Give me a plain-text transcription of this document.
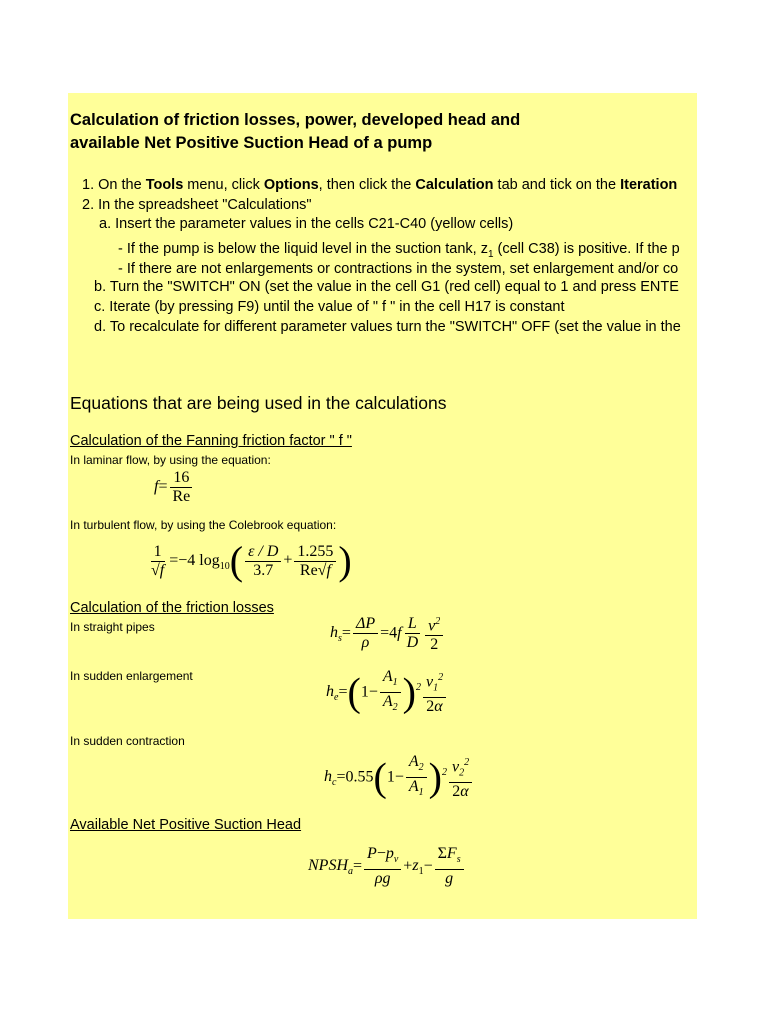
Calculation of friction losses, power, developed head and
available Net Positive Suction Head of a pump
1. On the Tools menu, click Options, then click the Calculation tab and tick on the Iteration
2. In the spreadsheet "Calculations"
a. Insert the parameter values in the cells C21-C40 (yellow cells)
- If the pump is below the liquid level in the suction tank, $z_1$ (cell C38) is positive. If the p
- If there are not enlargements or contractions in the system, set enlargement and/or co
b. Turn the "SWITCH" ON (set the value in the cell G1 (red cell) equal to 1 and press ENTE
c. Iterate (by pressing F9) until the value of " f " in the cell H17 is constant
d. To recalculate for different parameter values turn the "SWITCH" OFF (set the value in the
Equations that are being used in the calculations
Calculation of the Fanning friction factor " f "
In laminar flow, by using the equation:
$f= \frac{16}{Re}$
In turbulent flow, by using the Colebrook equation:
$\frac{1}{√f} =-4$ $\log_{10}( \frac{\varepsilon / D}{3.7} + \frac{1.255}{Re√f}$ )
Calculation of the friction losses
In straight pipes	$h_s= \frac{\Delta P}{\rho} =4f \frac{L}{D} \frac{v^2}{2}$
In sudden enlargement
$h_e=(1- \frac{A_1}{A_2} )^2 \frac{v_1^2}{2\alpha}$
In sudden contraction
$h_c=0.55(1- \frac{A_2}{A_1} )^2 \frac{v_2^2}{2\alpha}$
Available Net Positive Suction Head
$NPSH_a= \frac{P-p_v}{\rho g} +z_1- \frac{\Sigma F_s}{g}$
